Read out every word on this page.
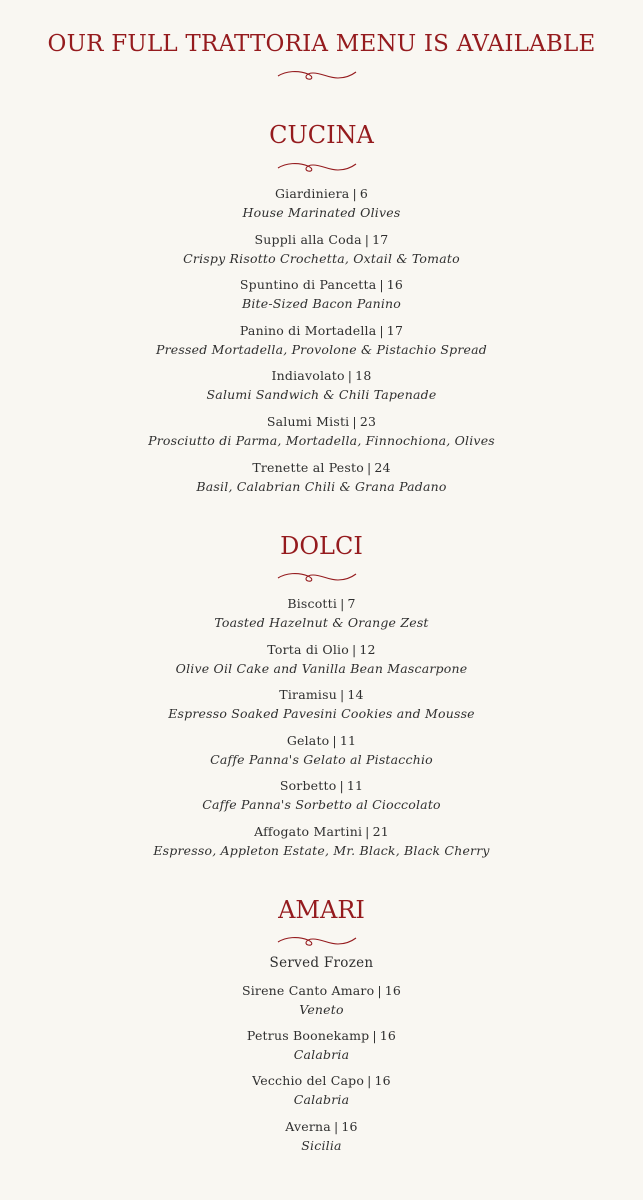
OUR FULL TRATTORIA MENU IS AVAILABLE
CUCINA
Giardiniera | 6
House Marinated Olives
Suppli alla Coda | 17
Crispy Risotto Crochetta, Oxtail & Tomato
Spuntino di Pancetta | 16
Bite-Sized Bacon Panino
Panino di Mortadella | 17
Pressed Mortadella, Provolone & Pistachio Spread
Indiavolato | 18
Salumi Sandwich & Chili Tapenade
Salumi Misti | 23
Prosciutto di Parma, Mortadella, Finnochiona, Olives
Trenette al Pesto | 24
Basil, Calabrian Chili & Grana Padano
DOLCI
Biscotti | 7
Toasted Hazelnut & Orange Zest
Torta di Olio | 12
Olive Oil Cake and Vanilla Bean Mascarpone
Tiramisu | 14
Espresso Soaked Pavesini Cookies and Mousse
Gelato | 11
Caffe Panna's Gelato al Pistacchio
Sorbetto | 11
Caffe Panna's Sorbetto al Cioccolato
Affogato Martini | 21
Espresso, Appleton Estate, Mr. Black, Black Cherry
AMARI
Served Frozen
Sirene Canto Amaro | 16
Veneto
Petrus Boonekamp | 16
Calabria
Vecchio del Capo | 16
Calabria
Averna | 16
Sicilia
